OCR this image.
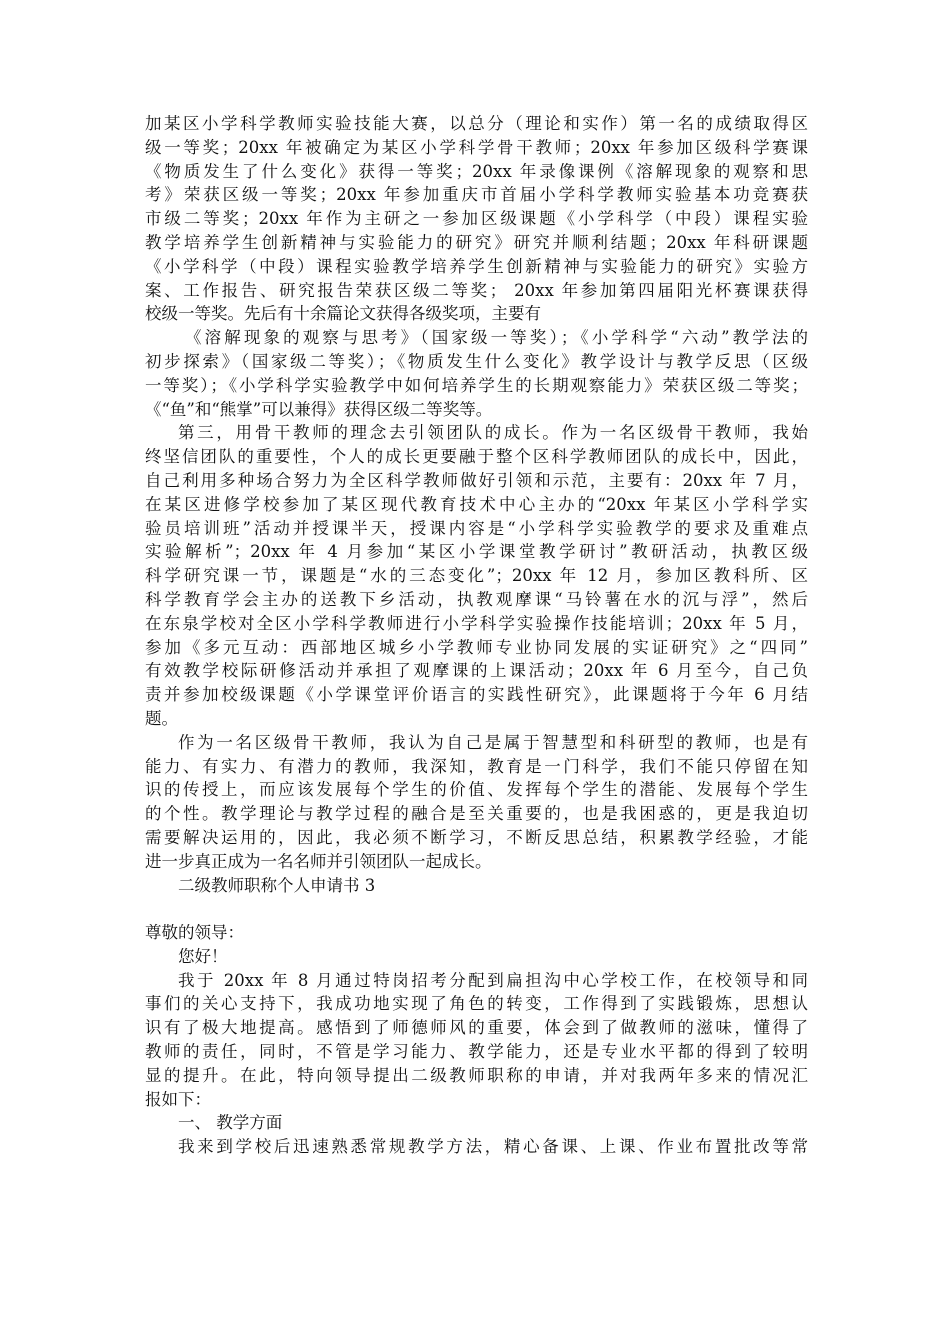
加某区小学科学教师实验技能大赛，以总分（理论和实作）第一名的成绩取得区
级一等奖；20xx 年被确定为某区小学科学骨干教师；20xx 年参加区级科学赛课
《物质发生了什么变化》获得一等奖；20xx 年录像课例《溶解现象的观察和思
考》荣获区级一等奖；20xx 年参加重庆市首届小学科学教师实验基本功竞赛获
市级二等奖；20xx 年作为主研之一参加区级课题《小学科学（中段）课程实验
教学培养学生创新精神与实验能力的研究》研究并顺利结题；20xx 年科研课题
《小学科学（中段）课程实验教学培养学生创新精神与实验能力的研究》实验方
案、工作报告、研究报告荣获区级二等奖； 20xx 年参加第四届阳光杯赛课获得
校级一等奖。先后有十余篇论文获得各级奖项，主要有
《溶解现象的观察与思考》（国家级一等奖）；《小学科学“六动”教学法的
初步探索》（国家级二等奖）；《物质发生什么变化》教学设计与教学反思（区级
一等奖）；《小学科学实验教学中如何培养学生的长期观察能力》荣获区级二等奖；
《“鱼”和“熊掌”可以兼得》获得区级二等奖等。
第三，用骨干教师的理念去引领团队的成长。作为一名区级骨干教师，我始
终坚信团队的重要性，个人的成长更要融于整个区科学教师团队的成长中，因此，
自己利用多种场合努力为全区科学教师做好引领和示范，主要有：20xx 年 7 月，
在某区进修学校参加了某区现代教育技术中心主办的“20xx 年某区小学科学实
验员培训班”活动并授课半天，授课内容是“小学科学实验教学的要求及重难点
实验解析”；20xx 年 4 月参加“某区小学课堂教学研讨”教研活动，执教区级
科学研究课一节，课题是“水的三态变化”；20xx 年 12 月，参加区教科所、区
科学教育学会主办的送教下乡活动，执教观摩课“马铃薯在水的沉与浮”，然后
在东泉学校对全区小学科学教师进行小学科学实验操作技能培训；20xx 年 5 月，
参加《多元互动：西部地区城乡小学教师专业协同发展的实证研究》之“四同”
有效教学校际研修活动并承担了观摩课的上课活动；20xx 年 6 月至今，自己负
责并参加校级课题《小学课堂评价语言的实践性研究》，此课题将于今年 6 月结
题。
作为一名区级骨干教师，我认为自己是属于智慧型和科研型的教师，也是有
能力、有实力、有潜力的教师，我深知，教育是一门科学，我们不能只停留在知
识的传授上，而应该发展每个学生的价值、发挥每个学生的潜能、发展每个学生
的个性。教学理论与教学过程的融合是至关重要的，也是我困惑的，更是我迫切
需要解决运用的，因此，我必须不断学习，不断反思总结，积累教学经验，才能
进一步真正成为一名名师并引领团队一起成长。
二级教师职称个人申请书 3
尊敬的领导：
您好！
我于 20xx 年 8 月通过特岗招考分配到扁担沟中心学校工作，在校领导和同
事们的关心支持下，我成功地实现了角色的转变，工作得到了实践锻炼，思想认
识有了极大地提高。感悟到了师德师风的重要，体会到了做教师的滋味，懂得了
教师的责任，同时，不管是学习能力、教学能力，还是专业水平都的得到了较明
显的提升。在此，特向领导提出二级教师职称的申请，并对我两年多来的情况汇
报如下：
一、 教学方面
我来到学校后迅速熟悉常规教学方法，精心备课、上课、作业布置批改等常
